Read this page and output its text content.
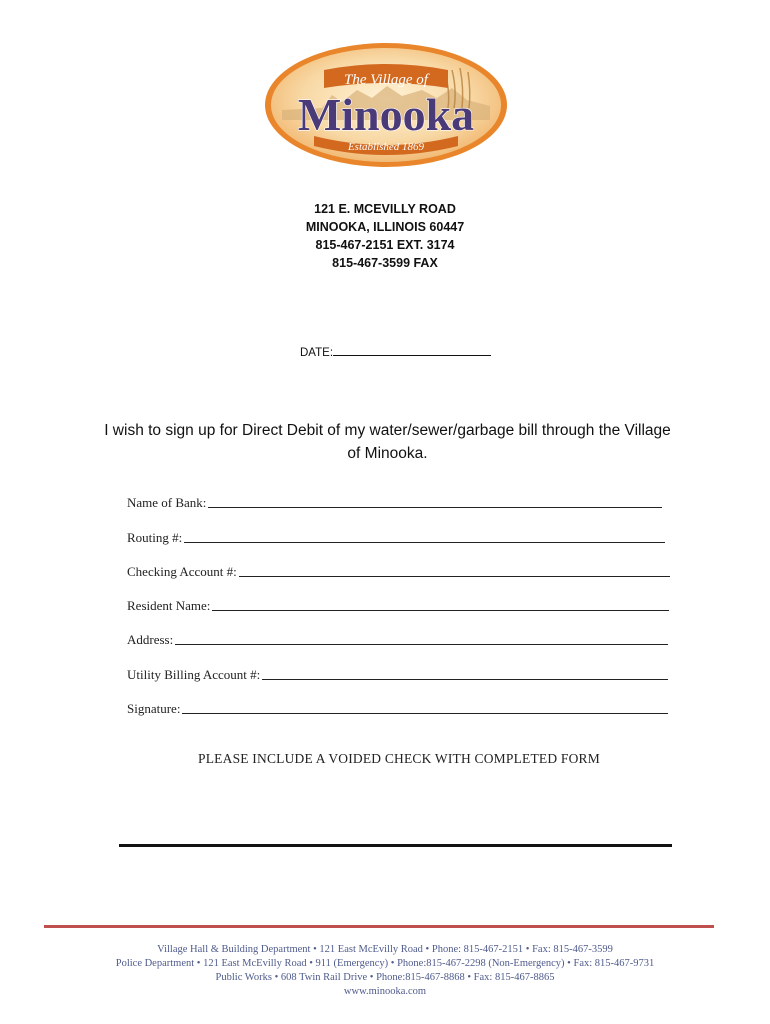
The Village of
Minooka
Established 1869
121 E. MCEVILLY ROAD
MINOOKA, ILLINOIS 60447
815-467-2151 EXT. 3174
815-467-3599 FAX
DATE:
I wish to sign up for Direct Debit of my water/sewer/garbage bill through the Village of Minooka.
Name of Bank:
Routing #:
Checking Account #:
Resident Name:
Address:
Utility Billing Account #:
Signature:
PLEASE INCLUDE A VOIDED CHECK WITH COMPLETED FORM
Village Hall & Building Department • 121 East McEvilly Road • Phone: 815-467-2151 • Fax: 815-467-3599
Police Department • 121 East McEvilly Road • 911 (Emergency) • Phone:815-467-2298 (Non-Emergency) • Fax: 815-467-9731
Public Works • 608 Twin Rail Drive • Phone:815-467-8868 • Fax: 815-467-8865
www.minooka.com
